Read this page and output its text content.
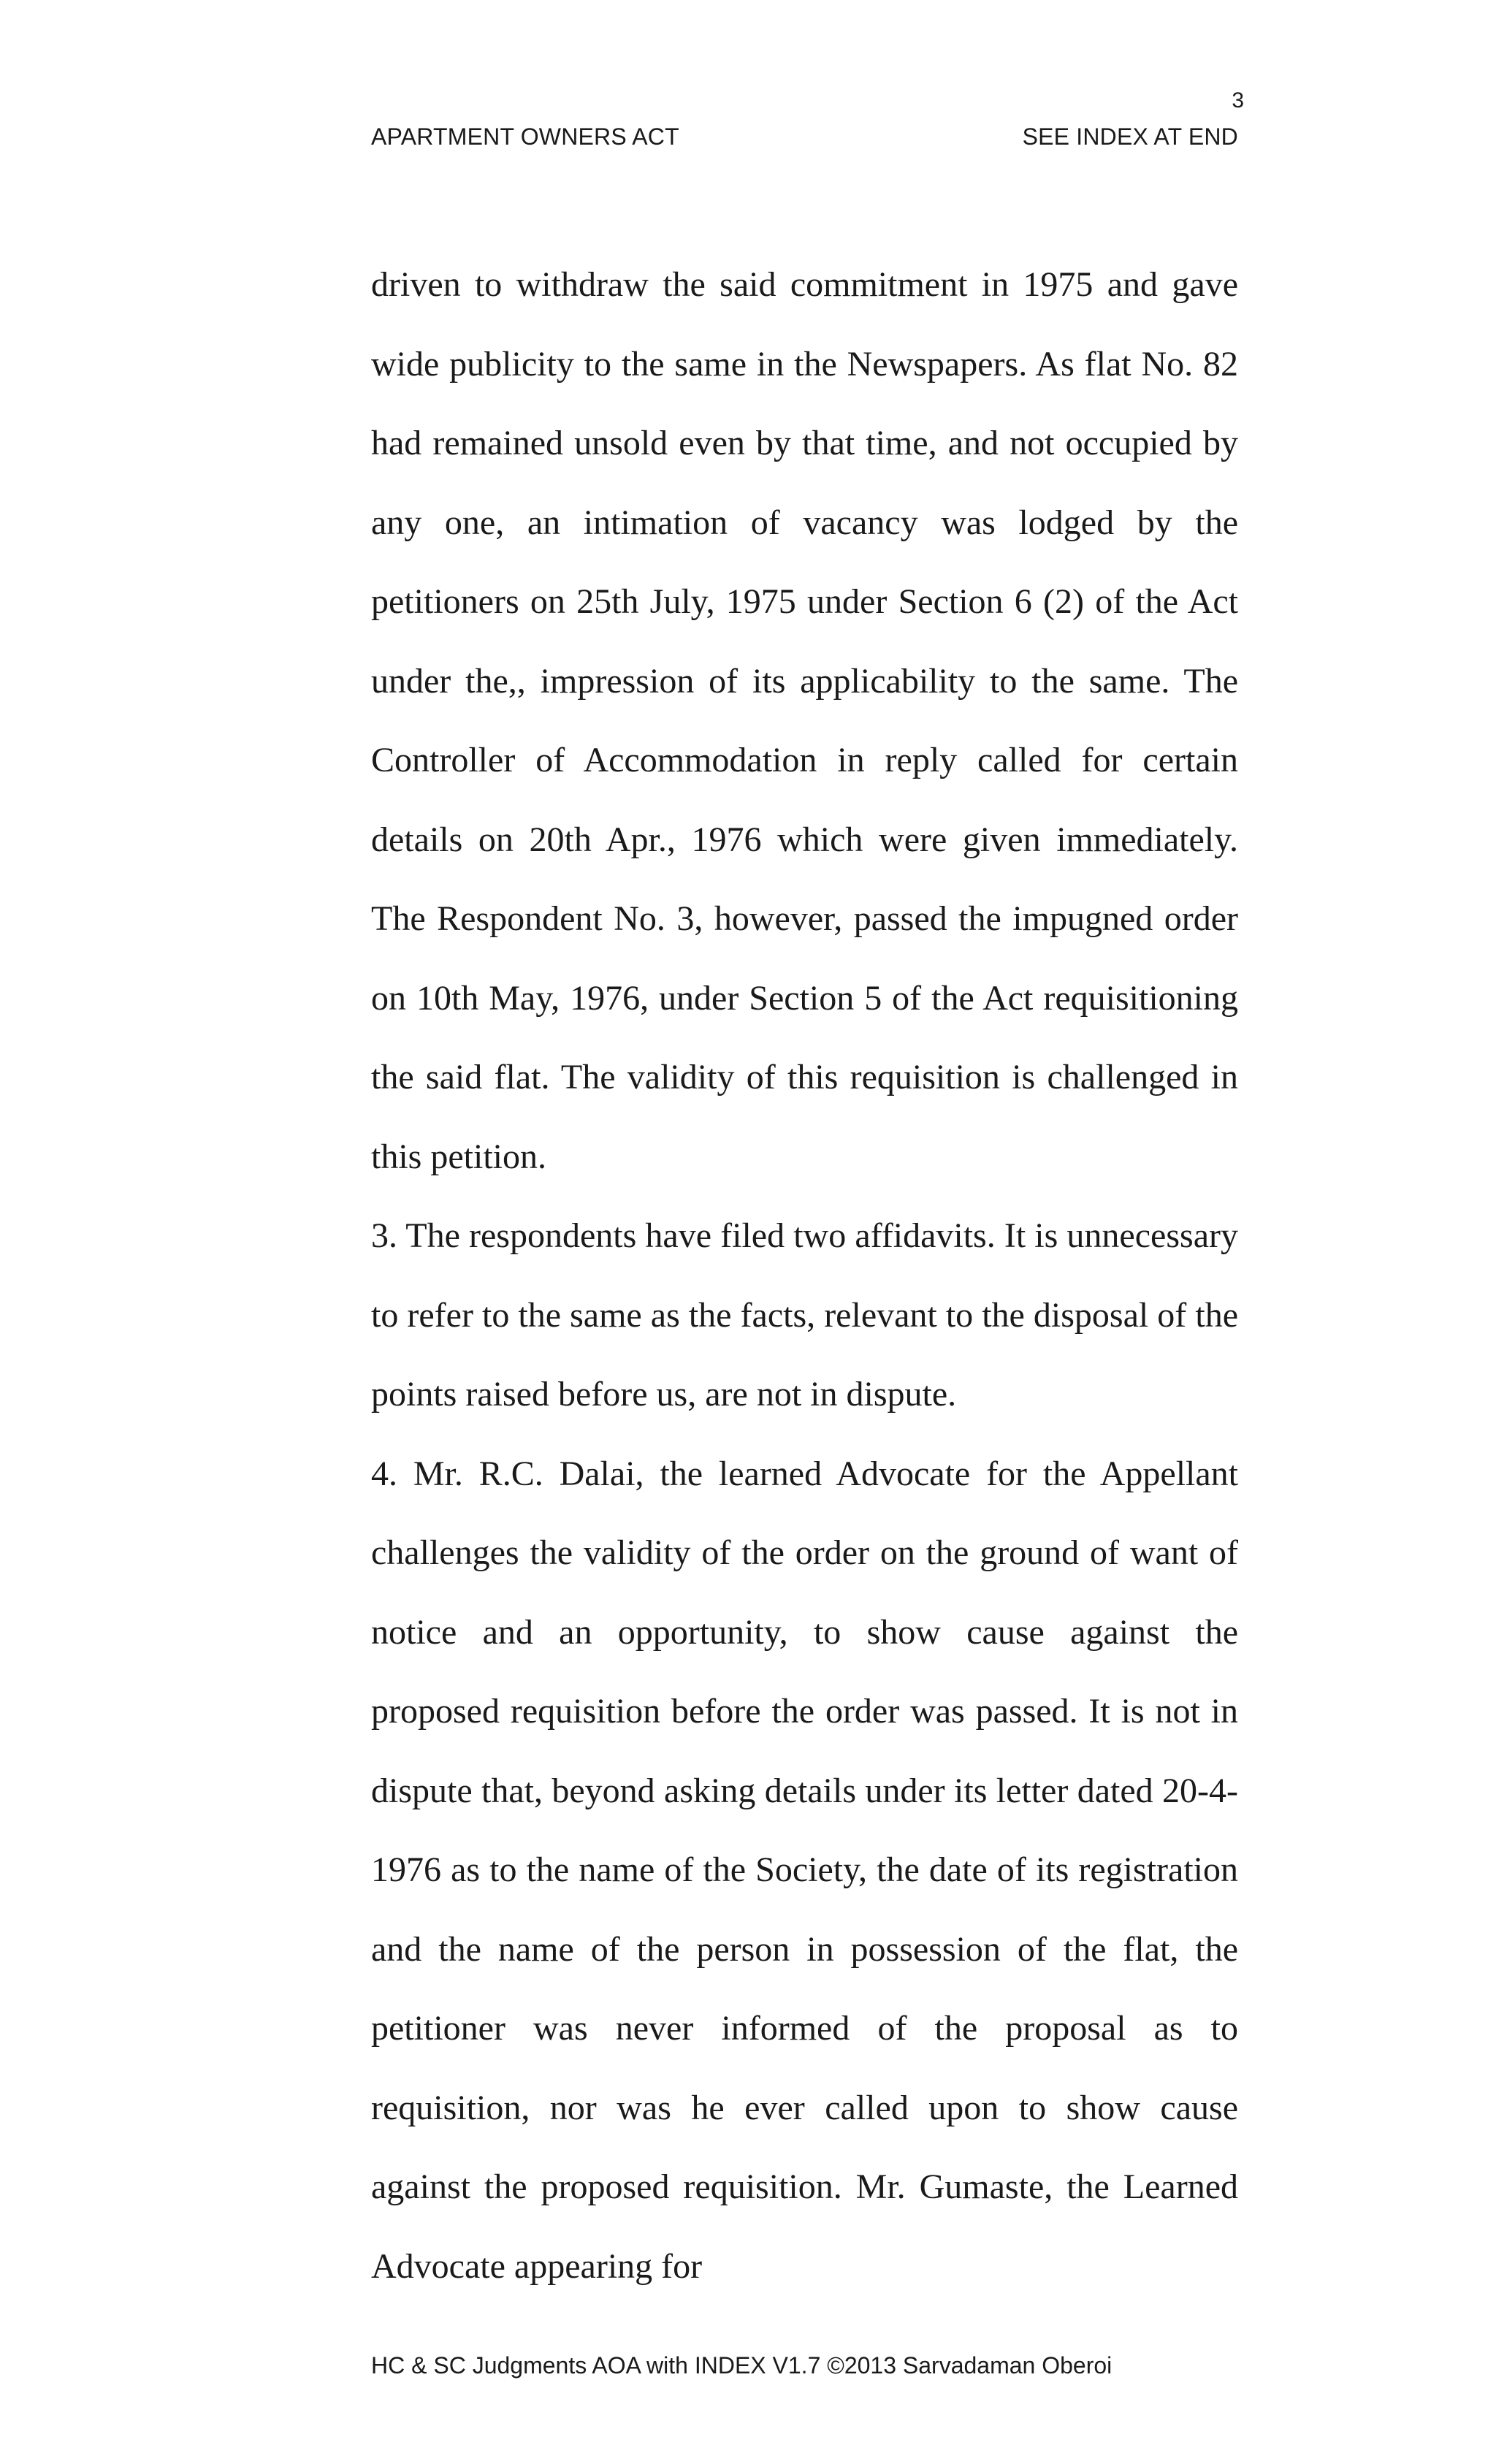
3
APARTMENT OWNERS ACT	SEE INDEX AT END

driven to withdraw the said commitment in 1975 and gave wide publicity to the same in the Newspapers. As flat No. 82 had remained unsold even by that time, and not occupied by any one, an intimation of vacancy was lodged by the petitioners on 25th July, 1975 under Section 6 (2) of the Act under the,, impression of its applicability to the same. The Controller of Accommodation in reply called for certain details on 20th Apr., 1976 which were given immediately. The Respondent No. 3, however, passed the impugned order on 10th May, 1976, under Section 5 of the Act requisitioning the said flat. The validity of this requisition is challenged in this petition.

3. The respondents have filed two affidavits. It is unnecessary to refer to the same as the facts, relevant to the disposal of the points raised before us, are not in dispute.

4. Mr. R.C. Dalai, the learned Advocate for the Appellant challenges the validity of the order on the ground of want of notice and an opportunity, to show cause against the proposed requisition before the order was passed. It is not in dispute that, beyond asking details under its letter dated 20-4-1976 as to the name of the Society, the date of its registration and the name of the person in possession of the flat, the petitioner was never informed of the proposal as to requisition, nor was he ever called upon to show cause against the proposed requisition. Mr. Gumaste, the Learned Advocate appearing for

HC & SC Judgments AOA with INDEX V1.7 ©2013 Sarvadaman Oberoi
